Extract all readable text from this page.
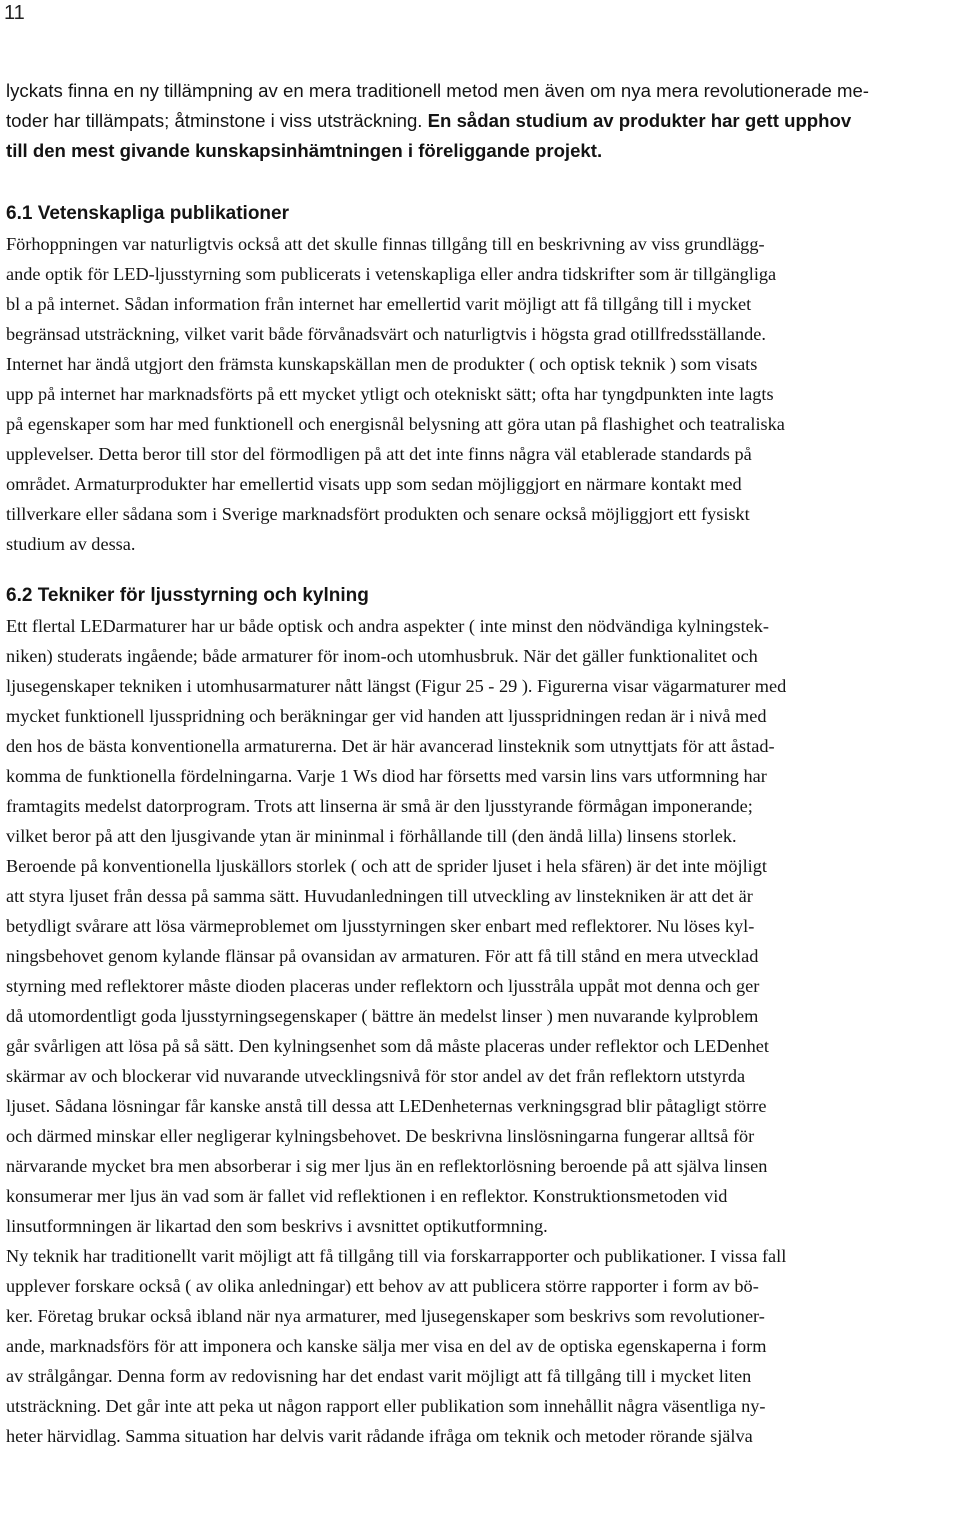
11

lyckats finna en ny tillämpning av en mera traditionell metod men även om nya mera revolutionerade me-
toder har tillämpats; åtminstone i viss utsträckning. En sådan studium av produkter har gett upphov
till den mest givande kunskapsinhämtningen i föreliggande projekt.

6.1 Vetenskapliga publikationer

Förhoppningen var naturligtvis också att det skulle finnas tillgång till en beskrivning av viss grundlägg-
ande optik för LED-ljusstyrning som publicerats i vetenskapliga eller andra tidskrifter som är tillgängliga
bl a på internet. Sådan information från internet har emellertid varit möjligt att få tillgång till i mycket
begränsad utsträckning, vilket varit både förvånadsvärt och naturligtvis i högsta grad otillfredsställande.
Internet har ändå utgjort den främsta kunskapskällan men de produkter ( och optisk teknik ) som visats
upp på internet har marknadsförts på ett mycket ytligt och otekniskt sätt; ofta har tyngdpunkten inte lagts
på egenskaper som har med funktionell och energisnål belysning att göra utan på flashighet och teatraliska
upplevelser. Detta beror till stor del förmodligen på att det inte finns några väl etablerade standards på
området. Armaturprodukter har emellertid visats upp som sedan möjliggjort en närmare kontakt med
tillverkare eller sådana som i Sverige marknadsfört produkten och senare också möjliggjort ett fysiskt
studium av dessa.

6.2 Tekniker för ljusstyrning och kylning

Ett flertal LEDarmaturer har ur både optisk och andra aspekter ( inte minst den nödvändiga kylningstek-
niken) studerats ingående; både armaturer för inom-och utomhusbruk. När det gäller funktionalitet och
ljusegenskaper tekniken i utomhusarmaturer nått längst (Figur 25 - 29 ). Figurerna visar vägarmaturer med
mycket funktionell ljusspridning och beräkningar ger vid handen att ljusspridningen redan är i nivå med
den hos de bästa konventionella armaturerna. Det är här avancerad linsteknik som utnyttjats för att åstad-
komma de funktionella fördelningarna. Varje 1 Ws diod har försetts med varsin lins vars utformning har
framtagits medelst datorprogram. Trots att linserna är små är den ljusstyrande förmågan imponerande;
vilket beror på att den ljusgivande ytan är mininmal i förhållande till (den ändå lilla) linsens storlek.

Beroende på konventionella ljuskällors storlek ( och att de sprider ljuset i hela sfären) är det inte möjligt
att styra ljuset från dessa på samma sätt. Huvudanledningen till utveckling av linstekniken är att det är
betydligt svårare att lösa värmeproblemet om ljusstyrningen sker enbart med reflektorer. Nu löses kyl-
ningsbehovet genom kylande flänsar på ovansidan av armaturen. För att få till stånd en mera utvecklad
styrning med reflektorer måste dioden placeras under reflektorn och ljusstråla uppåt mot denna och ger
då utomordentligt goda ljusstyrningsegenskaper ( bättre än medelst linser ) men nuvarande kylproblem
går svårligen att lösa på så sätt. Den kylningsenhet som då måste placeras under reflektor och LEDenhet
skärmar av och blockerar vid nuvarande utvecklingsnivå för stor andel av det från reflektorn utstyrda
ljuset. Sådana lösningar får kanske anstå till dessa att LEDenheternas verkningsgrad blir påtagligt större
och därmed minskar eller negligerar kylningsbehovet. De beskrivna linslösningarna fungerar alltså för
närvarande mycket bra men absorberar i sig mer ljus än en reflektorlösning beroende på att själva linsen
konsumerar mer ljus än vad som är fallet vid reflektionen i en reflektor. Konstruktionsmetoden vid
linsutformningen är likartad den som beskrivs i avsnittet optikutformning.

Ny teknik har traditionellt varit möjligt att få tillgång till via forskarrapporter och publikationer. I vissa fall
upplever forskare också ( av olika anledningar) ett behov av att publicera större rapporter i form av bö-
ker. Företag brukar också ibland när nya armaturer, med ljusegenskaper som beskrivs som revolutioner-
ande, marknadsförs för att imponera och kanske sälja mer visa en del av de optiska egenskaperna i form
av strålgångar. Denna form av redovisning har det endast varit möjligt att få tillgång till i mycket liten
utsträckning. Det går inte att peka ut någon rapport eller publikation som innehållit några väsentliga ny-
heter härvidlag. Samma situation har delvis varit rådande ifråga om teknik och metoder rörande själva
